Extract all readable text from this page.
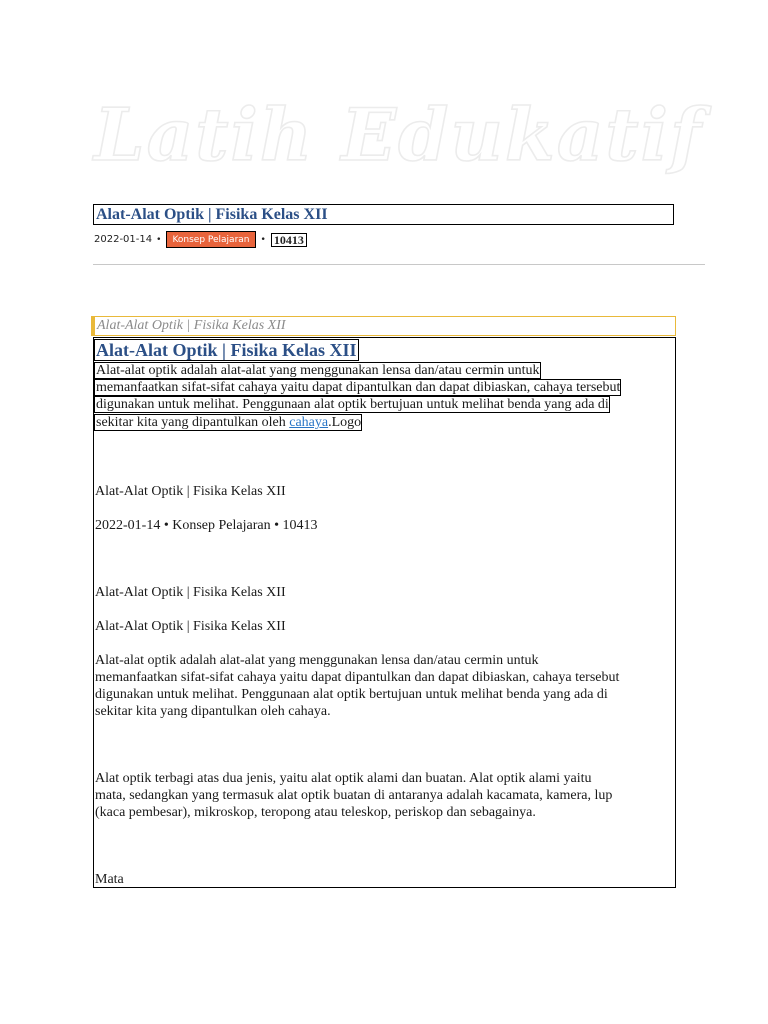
Latih Edukatif
Alat-Alat Optik | Fisika Kelas XII
2022-01-14 •	Konsep Pelajaran	• 10413
Alat-Alat Optik | Fisika Kelas XII
Alat-Alat Optik | Fisika Kelas XII
Alat-alat optik adalah alat-alat yang menggunakan lensa dan/atau cermin untuk
memanfaatkan sifat-sifat cahaya yaitu dapat dipantulkan dan dapat dibiaskan, cahaya tersebut
digunakan untuk melihat. Penggunaan alat optik bertujuan untuk melihat benda yang ada di
sekitar kita yang dipantulkan oleh cahaya.Logo
Alat-Alat Optik | Fisika Kelas XII
2022-01-14 • Konsep Pelajaran • 10413
Alat-Alat Optik | Fisika Kelas XII
Alat-Alat Optik | Fisika Kelas XII
Alat-alat optik adalah alat-alat yang menggunakan lensa dan/atau cermin untuk
memanfaatkan sifat-sifat cahaya yaitu dapat dipantulkan dan dapat dibiaskan, cahaya tersebut
digunakan untuk melihat. Penggunaan alat optik bertujuan untuk melihat benda yang ada di
sekitar kita yang dipantulkan oleh cahaya.
Alat optik terbagi atas dua jenis, yaitu alat optik alami dan buatan. Alat optik alami yaitu
mata, sedangkan yang termasuk alat optik buatan di antaranya adalah kacamata, kamera, lup
(kaca pembesar), mikroskop, teropong atau teleskop, periskop dan sebagainya.
Mata
